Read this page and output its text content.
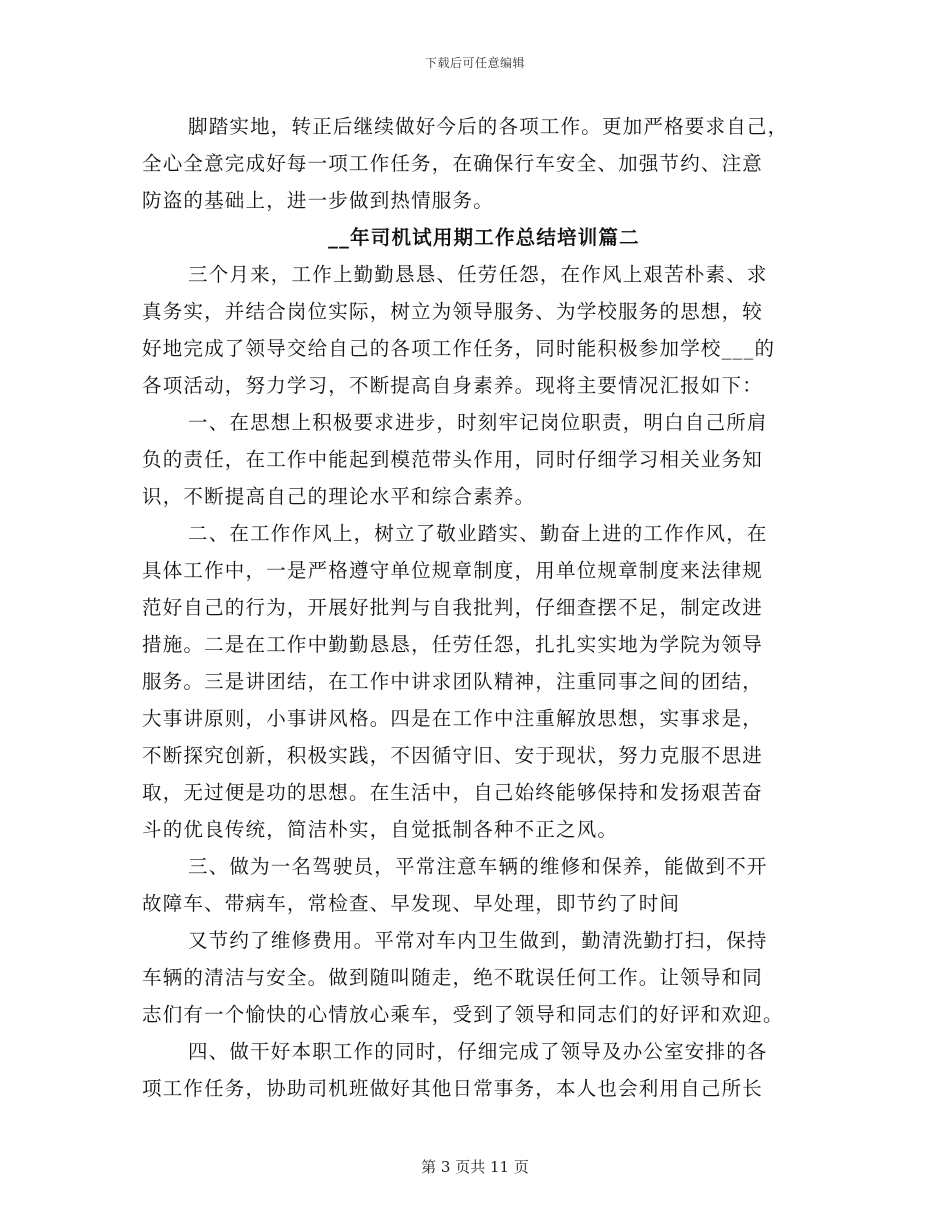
下载后可任意编辑
脚踏实地，转正后继续做好今后的各项工作。更加严格要求自己，
全心全意完成好每一项工作任务，在确保行车安全、加强节约、注意
防盗的基础上，进一步做到热情服务。
__年司机试用期工作总结培训篇二
三个月来，工作上勤勤恳恳、任劳任怨，在作风上艰苦朴素、求
真务实，并结合岗位实际，树立为领导服务、为学校服务的思想，较
好地完成了领导交给自己的各项工作任务，同时能积极参加学校___的
各项活动，努力学习，不断提高自身素养。现将主要情况汇报如下：
一、在思想上积极要求进步，时刻牢记岗位职责，明白自己所肩
负的责任，在工作中能起到模范带头作用，同时仔细学习相关业务知
识，不断提高自己的理论水平和综合素养。
二、在工作作风上，树立了敬业踏实、勤奋上进的工作作风，在
具体工作中，一是严格遵守单位规章制度，用单位规章制度来法律规
范好自己的行为，开展好批判与自我批判，仔细查摆不足，制定改进
措施。二是在工作中勤勤恳恳，任劳任怨，扎扎实实地为学院为领导
服务。三是讲团结，在工作中讲求团队精神，注重同事之间的团结，
大事讲原则，小事讲风格。四是在工作中注重解放思想，实事求是，
不断探究创新，积极实践，不因循守旧、安于现状，努力克服不思进
取，无过便是功的思想。在生活中，自己始终能够保持和发扬艰苦奋
斗的优良传统，简洁朴实，自觉抵制各种不正之风。
三、做为一名驾驶员，平常注意车辆的维修和保养，能做到不开
故障车、带病车，常检查、早发现、早处理，即节约了时间
又节约了维修费用。平常对车内卫生做到，勤清洗勤打扫，保持
车辆的清洁与安全。做到随叫随走，绝不耽误任何工作。让领导和同
志们有一个愉快的心情放心乘车，受到了领导和同志们的好评和欢迎。
四、做干好本职工作的同时，仔细完成了领导及办公室安排的各
项工作任务，协助司机班做好其他日常事务，本人也会利用自己所长
第 3 页共 11 页
